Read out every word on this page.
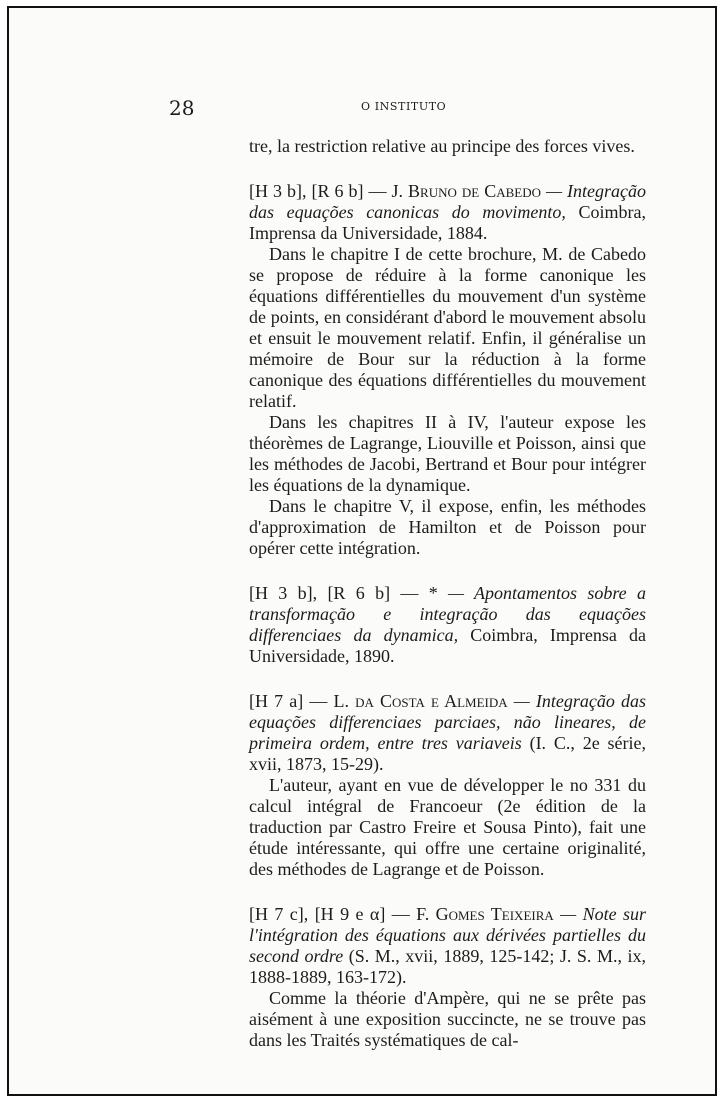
28	O INSTITUTO

tre, la restriction relative au principe des forces vives.

[H 3 b], [R 6 b] — J. Bruno de Cabedo — Integração das equações canonicas do movimento, Coimbra, Imprensa da Universidade, 1884.

Dans le chapitre I de cette brochure, M. de Cabedo se propose de réduire à la forme canonique les équations différentielles du mouvement d'un système de points, en considérant d'abord le mouvement absolu et ensuit le mouvement relatif. Enfin, il généralise un mémoire de Bour sur la réduction à la forme canonique des équations différentielles du mouvement relatif.

Dans les chapitres II à IV, l'auteur expose les théorèmes de Lagrange, Liouville et Poisson, ainsi que les méthodes de Jacobi, Bertrand et Bour pour intégrer les équations de la dynamique.

Dans le chapitre V, il expose, enfin, les méthodes d'approximation de Hamilton et de Poisson pour opérer cette intégration.

[H 3 b], [R 6 b] — * — Apontamentos sobre a transformação e integração das equações differenciaes da dynamica, Coimbra, Imprensa da Universidade, 1890.

[H 7 a] — L. da Costa e Almeida — Integração das equações differenciaes parciaes, não lineares, de primeira ordem, entre tres variaveis (I. C., 2e série, xvii, 1873, 15-29).

L'auteur, ayant en vue de développer le no 331 du calcul intégral de Francoeur (2e édition de la traduction par Castro Freire et Sousa Pinto), fait une étude intéressante, qui offre une certaine originalité, des méthodes de Lagrange et de Poisson.

[H 7 c], [H 9 e α] — F. Gomes Teixeira — Note sur l'intégration des équations aux dérivées partielles du second ordre (S. M., xvii, 1889, 125-142; J. S. M., ix, 1888-1889, 163-172).

Comme la théorie d'Ampère, qui ne se prête pas aisément à une exposition succincte, ne se trouve pas dans les Traités systématiques de cal-
